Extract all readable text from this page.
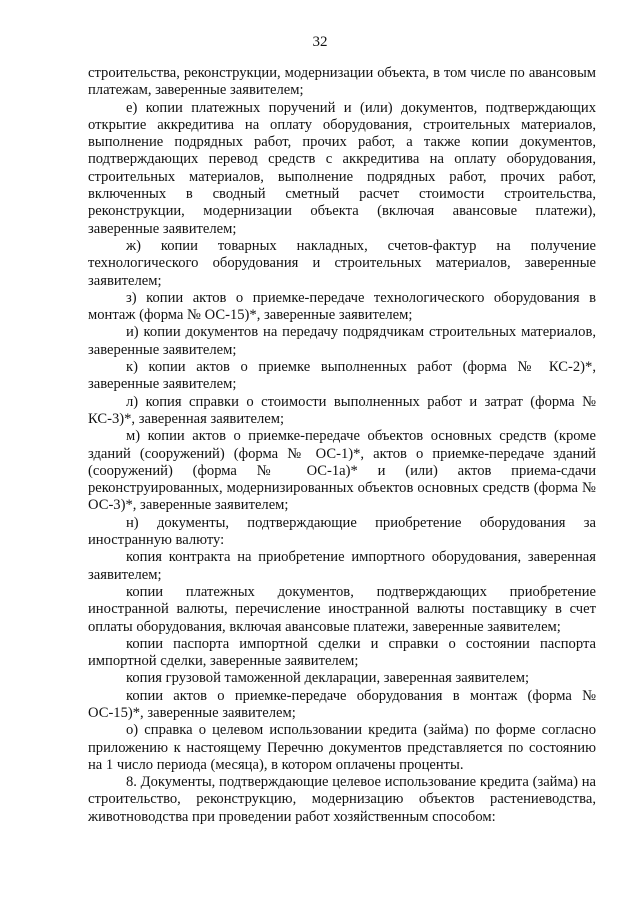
32

строительства, реконструкции, модернизации объекта, в том числе по авансовым платежам, заверенные заявителем;

е) копии платежных поручений и (или) документов, подтверждающих открытие аккредитива на оплату оборудования, строительных материалов, выполнение подрядных работ, прочих работ, а также копии документов, подтверждающих перевод средств с аккредитива на оплату оборудования, строительных материалов, выполнение подрядных работ, прочих работ, включенных в сводный сметный расчет стоимости строительства, реконструкции, модернизации объекта (включая авансовые платежи), заверенные заявителем;

ж) копии товарных накладных, счетов-фактур на получение технологического оборудования и строительных материалов, заверенные заявителем;

з) копии актов о приемке-передаче технологического оборудования в монтаж (форма № ОС-15)*, заверенные заявителем;

и) копии документов на передачу подрядчикам строительных материалов, заверенные заявителем;

к) копии актов о приемке выполненных работ (форма № КС-2)*, заверенные заявителем;

л) копия справки о стоимости выполненных работ и затрат (форма № КС-3)*, заверенная заявителем;

м) копии актов о приемке-передаче объектов основных средств (кроме зданий (сооружений) (форма № ОС-1)*, актов о приемке-передаче зданий (сооружений) (форма № ОС-1а)* и (или) актов приема-сдачи реконструированных, модернизированных объектов основных средств (форма № ОС-3)*, заверенные заявителем;

н) документы, подтверждающие приобретение оборудования за иностранную валюту:

копия контракта на приобретение импортного оборудования, заверенная заявителем;

копии платежных документов, подтверждающих приобретение иностранной валюты, перечисление иностранной валюты поставщику в счет оплаты оборудования, включая авансовые платежи, заверенные заявителем;

копии паспорта импортной сделки и справки о состоянии паспорта импортной сделки, заверенные заявителем;

копия грузовой таможенной декларации, заверенная заявителем;

копии актов о приемке-передаче оборудования в монтаж (форма № ОС-15)*, заверенные заявителем;

о) справка о целевом использовании кредита (займа) по форме согласно приложению к настоящему Перечню документов представляется по состоянию на 1 число периода (месяца), в котором оплачены проценты.

8. Документы, подтверждающие целевое использование кредита (займа) на строительство, реконструкцию, модернизацию объектов растениеводства, животноводства при проведении работ хозяйственным способом:
